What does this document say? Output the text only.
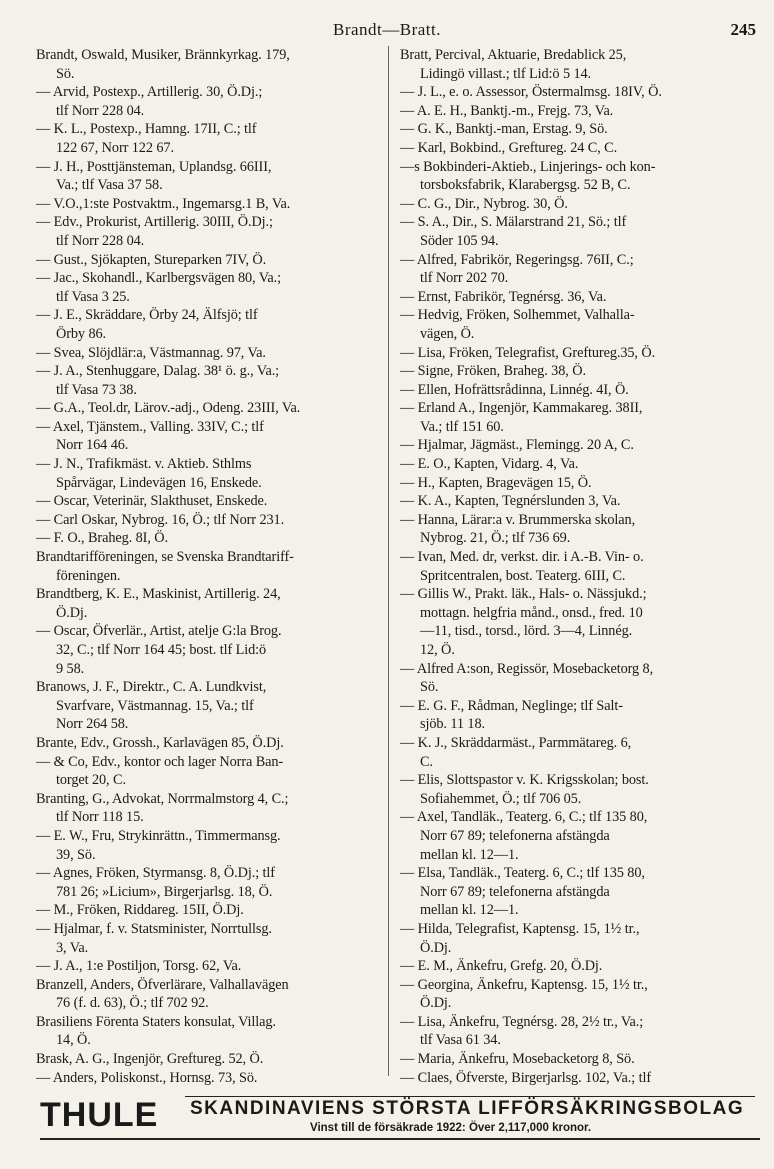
Brandt—Bratt.	245
Brandt, Oswald, Musiker, Brännkyrkag. 179,
Sö.
— Arvid, Postexp., Artillerig. 30, Ö.Dj.;
tlf Norr 228 04.
— K. L., Postexp., Hamng. 17II, C.; tlf
122 67, Norr 122 67.
— J. H., Posttjänsteman, Uplandsg. 66III,
Va.; tlf Vasa 37 58.
— V.O.,1:ste Postvaktm., Ingemarsg.1 B, Va.
— Edv., Prokurist, Artillerig. 30III, Ö.Dj.;
tlf Norr 228 04.
— Gust., Sjökapten, Stureparken 7IV, Ö.
— Jac., Skohandl., Karlbergsvägen 80, Va.;
tlf Vasa 3 25.
— J. E., Skräddare, Örby 24, Älfsjö; tlf
Örby 86.
— Svea, Slöjdlär:a, Västmannag. 97, Va.
— J. A., Stenhuggare, Dalag. 38¹ ö. g., Va.;
tlf Vasa 73 38.
— G.A., Teol.dr, Lärov.-adj., Odeng. 23III, Va.
— Axel, Tjänstem., Valling. 33IV, C.; tlf
Norr 164 46.
— J. N., Trafikmäst. v. Aktieb. Sthlms
Spårvägar, Lindevägen 16, Enskede.
— Oscar, Veterinär, Slakthuset, Enskede.
— Carl Oskar, Nybrog. 16, Ö.; tlf Norr 231.
— F. O., Braheg. 8I, Ö.
Brandtarifföreningen, se Svenska Brandtariff-
föreningen.
Brandtberg, K. E., Maskinist, Artillerig. 24,
Ö.Dj.
— Oscar, Öfverlär., Artist, atelje G:la Brog.
32, C.; tlf Norr 164 45; bost. tlf Lid:ö
9 58.
Branows, J. F., Direktr., C. A. Lundkvist,
Svarfvare, Västmannag. 15, Va.; tlf
Norr 264 58.
Brante, Edv., Grossh., Karlavägen 85, Ö.Dj.
— & Co, Edv., kontor och lager Norra Ban-
torget 20, C.
Branting, G., Advokat, Norrmalmstorg 4, C.;
tlf Norr 118 15.
— E. W., Fru, Strykinrättn., Timmermansg.
39, Sö.
— Agnes, Fröken, Styrmansg. 8, Ö.Dj.; tlf
781 26; »Licium», Birgerjarlsg. 18, Ö.
— M., Fröken, Riddareg. 15II, Ö.Dj.
— Hjalmar, f. v. Statsminister, Norrtullsg.
3, Va.
— J. A., 1:e Postiljon, Torsg. 62, Va.
Branzell, Anders, Öfverlärare, Valhallavägen
76 (f. d. 63), Ö.; tlf 702 92.
Brasiliens Förenta Staters konsulat, Villag.
14, Ö.
Brask, A. G., Ingenjör, Greftureg. 52, Ö.
— Anders, Poliskonst., Hornsg. 73, Sö.
Bratt, Percival, Aktuarie, Bredablick 25,
Lidingö villast.; tlf Lid:ö 5 14.
— J. L., e. o. Assessor, Östermalmsg. 18IV, Ö.
— A. E. H., Banktj.-m., Frejg. 73, Va.
— G. K., Banktj.-man, Erstag. 9, Sö.
— Karl, Bokbind., Greftureg. 24 C, C.
—s Bokbinderi-Aktieb., Linjerings- och kon-
torsboksfabrik, Klarabergsg. 52 B, C.
— C. G., Dir., Nybrog. 30, Ö.
— S. A., Dir., S. Mälarstrand 21, Sö.; tlf
Söder 105 94.
— Alfred, Fabrikör, Regeringsg. 76II, C.;
tlf Norr 202 70.
— Ernst, Fabrikör, Tegnérsg. 36, Va.
— Hedvig, Fröken, Solhemmet, Valhalla-
vägen, Ö.
— Lisa, Fröken, Telegrafist, Greftureg.35, Ö.
— Signe, Fröken, Braheg. 38, Ö.
— Ellen, Hofrättsrådinna, Linnég. 4I, Ö.
— Erland A., Ingenjör, Kammakareg. 38II,
Va.; tlf 151 60.
— Hjalmar, Jägmäst., Flemingg. 20 A, C.
— E. O., Kapten, Vidarg. 4, Va.
— H., Kapten, Bragevägen 15, Ö.
— K. A., Kapten, Tegnérslunden 3, Va.
— Hanna, Lärar:a v. Brummerska skolan,
Nybrog. 21, Ö.; tlf 736 69.
— Ivan, Med. dr, verkst. dir. i A.-B. Vin- o.
Spritcentralen, bost. Teaterg. 6III, C.
— Gillis W., Prakt. läk., Hals- o. Nässjukd.;
mottagn. helgfria månd., onsd., fred. 10
—11, tisd., torsd., lörd. 3—4, Linnég.
12, Ö.
— Alfred A:son, Regissör, Mosebacketorg 8,
Sö.
— E. G. F., Rådman, Neglinge; tlf Salt-
sjöb. 11 18.
— K. J., Skräddarmäst., Parmmätareg. 6,
C.
— Elis, Slottspastor v. K. Krigsskolan; bost.
Sofiahemmet, Ö.; tlf 706 05.
— Axel, Tandläk., Teaterg. 6, C.; tlf 135 80,
Norr 67 89; telefonerna afstängda
mellan kl. 12—1.
— Elsa, Tandläk., Teaterg. 6, C.; tlf 135 80,
Norr 67 89; telefonerna afstängda
mellan kl. 12—1.
— Hilda, Telegrafist, Kaptensg. 15, 1½ tr.,
Ö.Dj.
— E. M., Änkefru, Grefg. 20, Ö.Dj.
— Georgina, Änkefru, Kaptensg. 15, 1½ tr.,
Ö.Dj.
— Lisa, Änkefru, Tegnérsg. 28, 2½ tr., Va.;
tlf Vasa 61 34.
— Maria, Änkefru, Mosebacketorg 8, Sö.
— Claes, Öfverste, Birgerjarlsg. 102, Va.; tlf
THULE SKANDINAVIENS STÖRSTA LIFFÖRSÄKRINGSBOLAG
Vinst till de försäkrade 1922: Över 2,117,000 kronor.
